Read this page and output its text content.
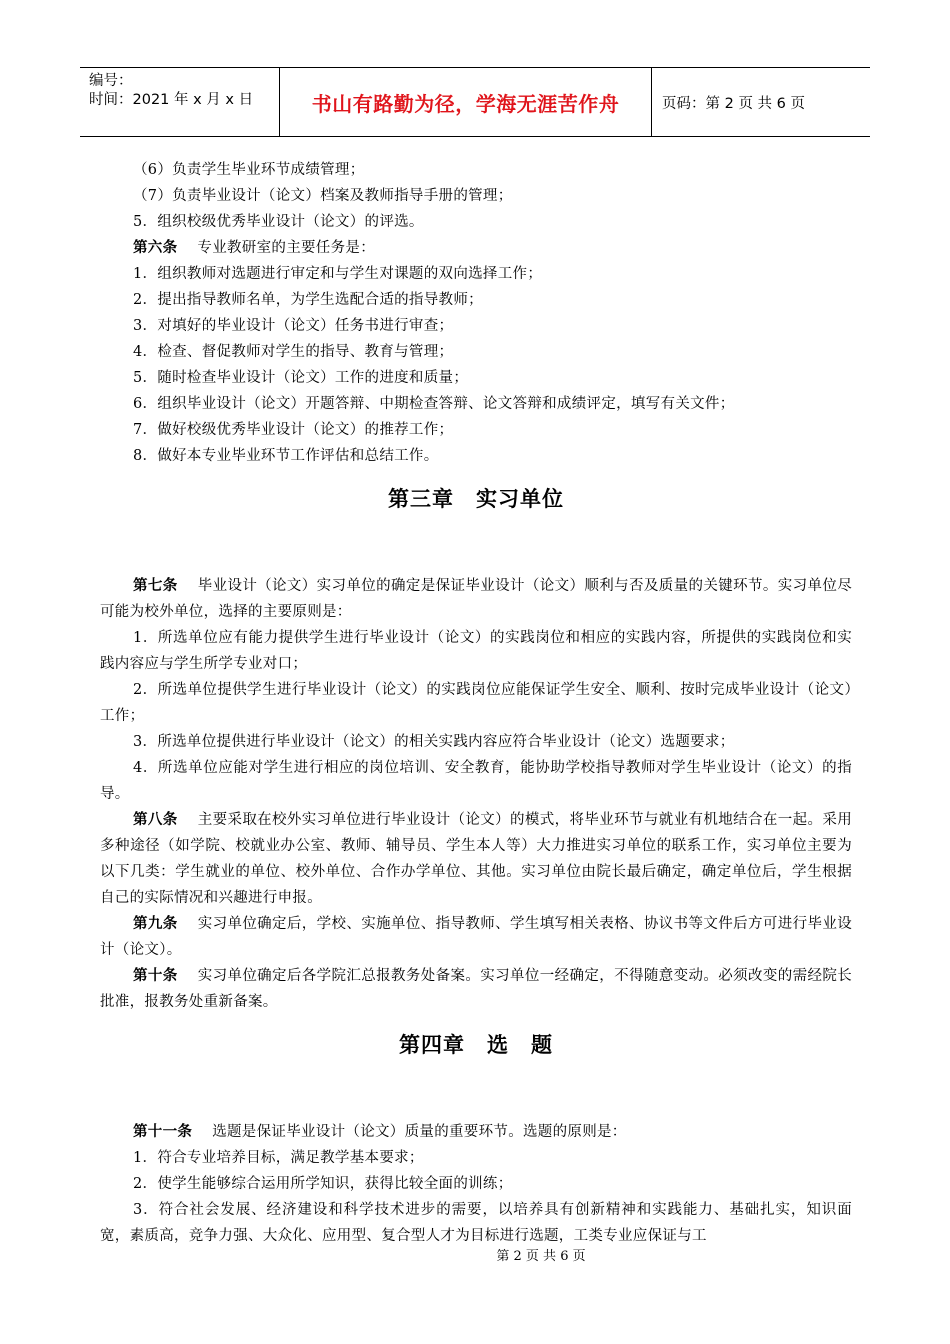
编号：
时间：2021 年 x 月 x 日	书山有路勤为径，学海无涯苦作舟	页码：第 2 页 共 6 页

（6）负责学生毕业环节成绩管理；

（7）负责毕业设计（论文）档案及教师指导手册的管理；

5．组织校级优秀毕业设计（论文）的评选。

第六条 专业教研室的主要任务是：

1．组织教师对选题进行审定和与学生对课题的双向选择工作；

2．提出指导教师名单，为学生选配合适的指导教师；

3．对填好的毕业设计（论文）任务书进行审查；

4．检查、督促教师对学生的指导、教育与管理；

5．随时检查毕业设计（论文）工作的进度和质量；

6．组织毕业设计（论文）开题答辩、中期检查答辩、论文答辩和成绩评定，填写有关文件；

7．做好校级优秀毕业设计（论文）的推荐工作；

8．做好本专业毕业环节工作评估和总结工作。

第三章　实习单位

第七条 毕业设计（论文）实习单位的确定是保证毕业设计（论文）顺利与否及质量的关键环节。实习单位尽可能为校外单位，选择的主要原则是：

1．所选单位应有能力提供学生进行毕业设计（论文）的实践岗位和相应的实践内容，所提供的实践岗位和实践内容应与学生所学专业对口；

2．所选单位提供学生进行毕业设计（论文）的实践岗位应能保证学生安全、顺利、按时完成毕业设计（论文）工作；

3．所选单位提供进行毕业设计（论文）的相关实践内容应符合毕业设计（论文）选题要求；

4．所选单位应能对学生进行相应的岗位培训、安全教育，能协助学校指导教师对学生毕业设计（论文）的指导。

第八条 主要采取在校外实习单位进行毕业设计（论文）的模式，将毕业环节与就业有机地结合在一起。采用多种途径（如学院、校就业办公室、教师、辅导员、学生本人等）大力推进实习单位的联系工作，实习单位主要为以下几类：学生就业的单位、校外单位、合作办学单位、其他。实习单位由院长最后确定，确定单位后，学生根据自己的实际情况和兴趣进行申报。

第九条 实习单位确定后，学校、实施单位、指导教师、学生填写相关表格、协议书等文件后方可进行毕业设计（论文）。

第十条 实习单位确定后各学院汇总报教务处备案。实习单位一经确定，不得随意变动。必须改变的需经院长批准，报教务处重新备案。

第四章　选　题

第十一条 选题是保证毕业设计（论文）质量的重要环节。选题的原则是：

1．符合专业培养目标，满足教学基本要求；

2．使学生能够综合运用所学知识，获得比较全面的训练；

3．符合社会发展、经济建设和科学技术进步的需要，以培养具有创新精神和实践能力、基础扎实，知识面宽，素质高，竞争力强、大众化、应用型、复合型人才为目标进行选题，工类专业应保证与工

第 2 页 共 6 页
